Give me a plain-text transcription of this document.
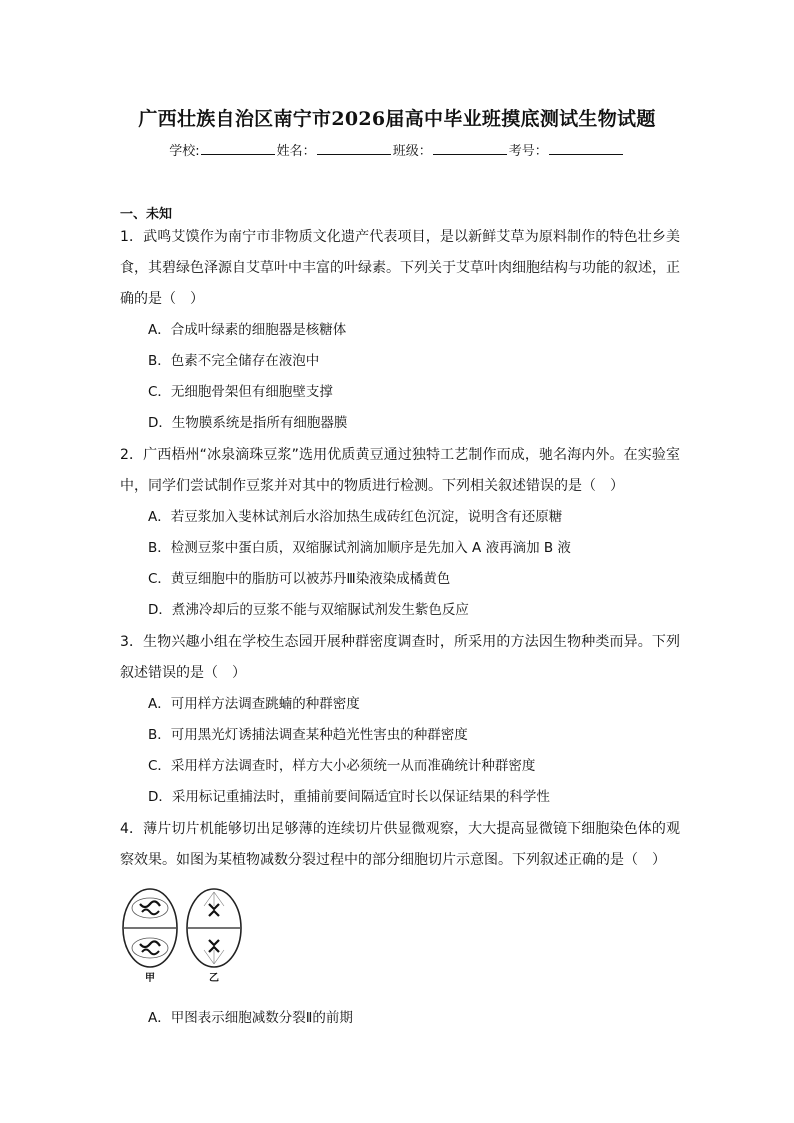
广西壮族自治区南宁市2026届高中毕业班摸底测试生物试题
学校:	姓名：	班级：	考号：
一、未知
1．武鸣艾馍作为南宁市非物质文化遗产代表项目，是以新鲜艾草为原料制作的特色壮乡美食，其碧绿色泽源自艾草叶中丰富的叶绿素。下列关于艾草叶肉细胞结构与功能的叙述，正确的是（　）
A．合成叶绿素的细胞器是核糖体
B．色素不完全储存在液泡中
C．无细胞骨架但有细胞壁支撑
D．生物膜系统是指所有细胞器膜
2．广西梧州“冰泉滴珠豆浆”选用优质黄豆通过独特工艺制作而成，驰名海内外。在实验室中，同学们尝试制作豆浆并对其中的物质进行检测。下列相关叙述错误的是（　）
A．若豆浆加入斐林试剂后水浴加热生成砖红色沉淀，说明含有还原糖
B．检测豆浆中蛋白质，双缩脲试剂滴加顺序是先加入 A 液再滴加 B 液
C．黄豆细胞中的脂肪可以被苏丹Ⅲ染液染成橘黄色
D．煮沸冷却后的豆浆不能与双缩脲试剂发生紫色反应
3．生物兴趣小组在学校生态园开展种群密度调查时，所采用的方法因生物种类而异。下列叙述错误的是（　）
A．可用样方法调查跳蝻的种群密度
B．可用黑光灯诱捕法调查某种趋光性害虫的种群密度
C．采用样方法调查时，样方大小必须统一从而准确统计种群密度
D．采用标记重捕法时，重捕前要间隔适宜时长以保证结果的科学性
4．薄片切片机能够切出足够薄的连续切片供显微观察，大大提高显微镜下细胞染色体的观察效果。如图为某植物减数分裂过程中的部分细胞切片示意图。下列叙述正确的是（　）
甲	乙
A．甲图表示细胞减数分裂Ⅱ的前期
